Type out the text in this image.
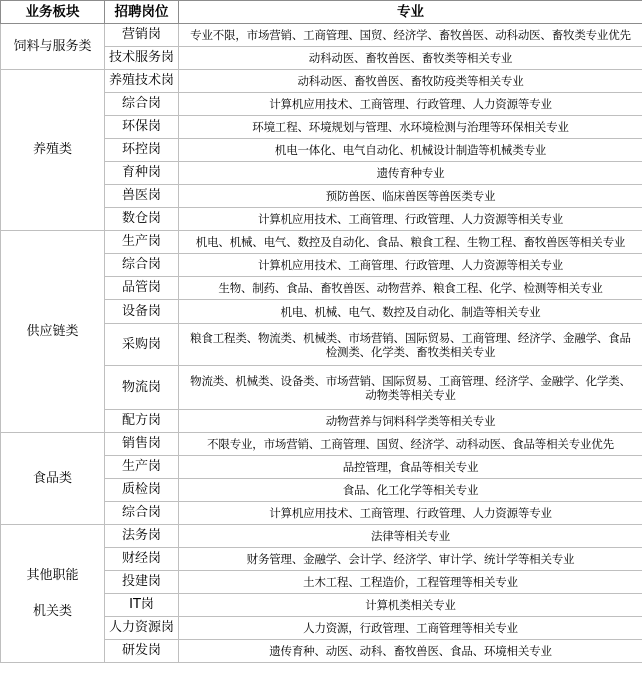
业务板块	招聘岗位	专业
饲料与服务类	营销岗	专业不限，市场营销、工商管理、国贸、经济学、畜牧兽医、动科动医、畜牧类专业优先
	技术服务岗	动科动医、畜牧兽医、畜牧类等相关专业
养殖类	养殖技术岗	动科动医、畜牧兽医、畜牧防疫类等相关专业
	综合岗	计算机应用技术、工商管理、行政管理、人力资源等专业
	环保岗	环境工程、环境规划与管理、水环境检测与治理等环保相关专业
	环控岗	机电一体化、电气自动化、机械设计制造等机械类专业
	育种岗	遗传育种专业
	兽医岗	预防兽医、临床兽医等兽医类专业
	数仓岗	计算机应用技术、工商管理、行政管理、人力资源等相关专业
供应链类	生产岗	机电、机械、电气、数控及自动化、食品、粮食工程、生物工程、畜牧兽医等相关专业
	综合岗	计算机应用技术、工商管理、行政管理、人力资源等相关专业
	品管岗	生物、制药、食品、畜牧兽医、动物营养、粮食工程、化学、检测等相关专业
	设备岗	机电、机械、电气、数控及自动化、制造等相关专业
	采购岗	粮食工程类、物流类、机械类、市场营销、国际贸易、工商管理、经济学、金融学、食品
检测类、化学类、畜牧类相关专业

	物流岗	物流类、机械类、设备类、市场营销、国际贸易、工商管理、经济学、金融学、化学类、
动物类等相关专业

	配方岗	动物营养与饲料科学类等相关专业
食品类	销售岗	不限专业，市场营销、工商管理、国贸、经济学、动科动医、食品等相关专业优先
	生产岗	品控管理，食品等相关专业
	质检岗	食品、化工化学等相关专业
	综合岗	计算机应用技术、工商管理、行政管理、人力资源等专业

其他职能
机关类	法务岗	法律等相关专业
	财经岗	财务管理、金融学、会计学、经济学、审计学、统计学等相关专业
	投建岗	土木工程、工程造价，工程管理等相关专业
	IT岗	计算机类相关专业
	人力资源岗	人力资源，行政管理、工商管理等相关专业
	研发岗	遗传育种、动医、动科、畜牧兽医、食品、环境相关专业
